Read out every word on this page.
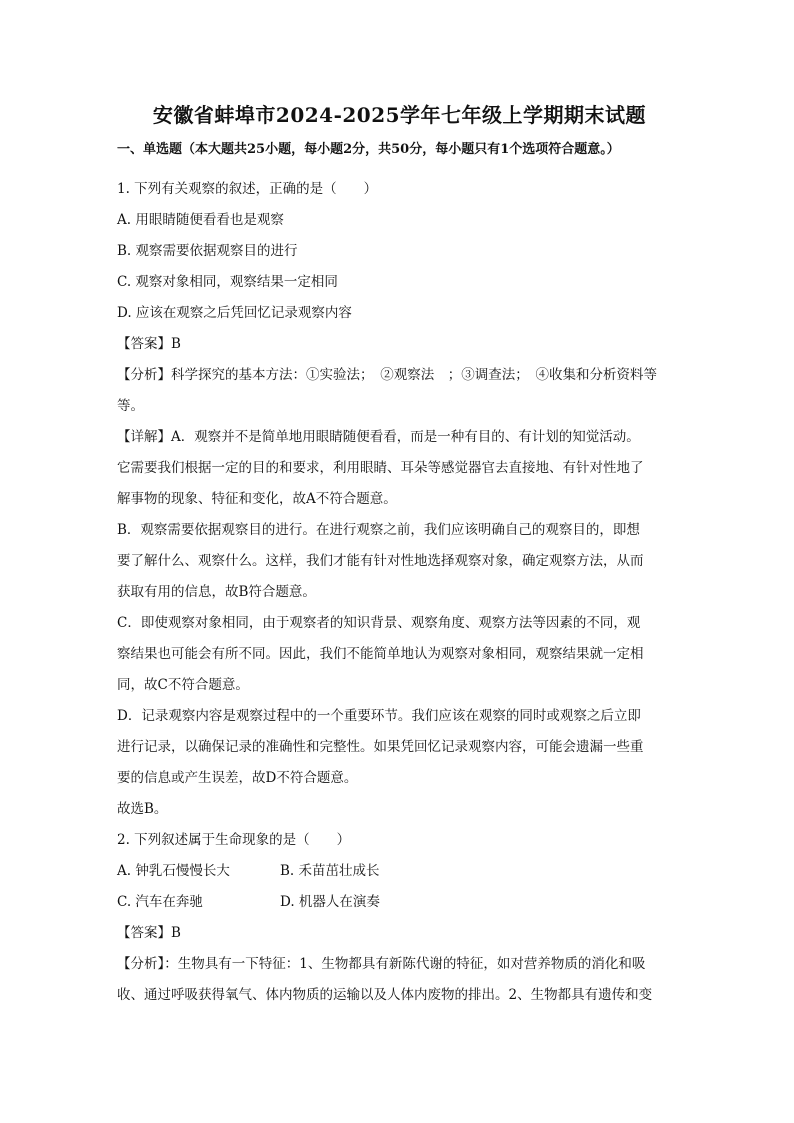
安徽省蚌埠市2024-2025学年七年级上学期期末试题
一、单选题（本大题共25小题，每小题2分，共50分，每小题只有1个选项符合题意。）

1. 下列有关观察的叙述，正确的是（　　）

A. 用眼睛随便看看也是观察

B. 观察需要依据观察目的进行

C. 观察对象相同，观察结果一定相同

D. 应该在观察之后凭回忆记录观察内容

【答案】B

【分析】科学探究的基本方法：①实验法；　②观察法　；③调查法；　④收集和分析资料等

等。

【详解】A．观察并不是简单地用眼睛随便看看，而是一种有目的、有计划的知觉活动。

它需要我们根据一定的目的和要求，利用眼睛、耳朵等感觉器官去直接地、有针对性地了

解事物的现象、特征和变化，故A不符合题意。

B．观察需要依据观察目的进行。在进行观察之前，我们应该明确自己的观察目的，即想

要了解什么、观察什么。这样，我们才能有针对性地选择观察对象，确定观察方法，从而

获取有用的信息，故B符合题意。

C．即使观察对象相同，由于观察者的知识背景、观察角度、观察方法等因素的不同，观

察结果也可能会有所不同。因此，我们不能简单地认为观察对象相同，观察结果就一定相

同，故C不符合题意。

D．记录观察内容是观察过程中的一个重要环节。我们应该在观察的同时或观察之后立即

进行记录，以确保记录的准确性和完整性。如果凭回忆记录观察内容，可能会遗漏一些重

要的信息或产生误差，故D不符合题意。

故选B。

2. 下列叙述属于生命现象的是（　　）

A. 钟乳石慢慢长大	B. 禾苗茁壮成长
C. 汽车在奔驰	D. 机器人在演奏

【答案】B

【分析】：生物具有一下特征：1、生物都具有新陈代谢的特征，如对营养物质的消化和吸

收、通过呼吸获得氧气、体内物质的运输以及人体内废物的排出。2、生物都具有遗传和变
